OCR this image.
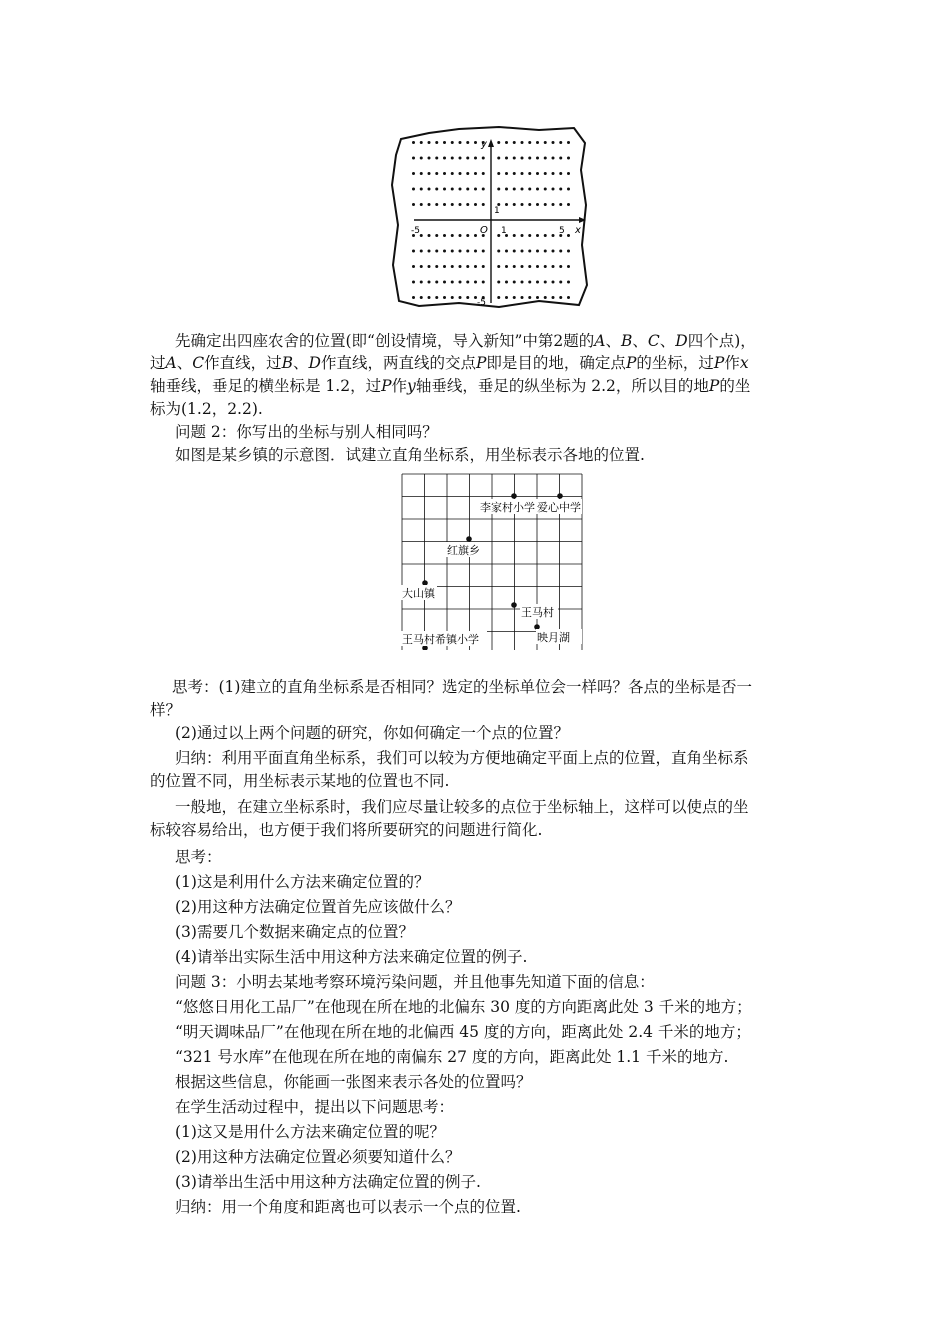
y
x
O
-5	1	5
1
-5
先确定出四座农舍的位置(即“创设情境，导入新知”中第2题的A、B、C、D四个点)，
过A、C作直线，过B、D作直线，两直线的交点P即是目的地，确定点P的坐标，过P作x
轴垂线，垂足的横坐标是 1.2，过P作y轴垂线，垂足的纵坐标为 2.2，所以目的地P的坐
标为(1.2，2.2).
问题 2：你写出的坐标与别人相同吗？
如图是某乡镇的示意图．试建立直角坐标系，用坐标表示各地的位置.
李家村小学 爱心中学
红旗乡
大山镇
王马村
王马村希镇小学	映月湖
思考：(1)建立的直角坐标系是否相同？选定的坐标单位会一样吗？各点的坐标是否一
样？
(2)通过以上两个问题的研究，你如何确定一个点的位置？
归纳：利用平面直角坐标系，我们可以较为方便地确定平面上点的位置，直角坐标系
的位置不同，用坐标表示某地的位置也不同.
一般地，在建立坐标系时，我们应尽量让较多的点位于坐标轴上，这样可以使点的坐
标较容易给出，也方便于我们将所要研究的问题进行简化.
思考：
(1)这是利用什么方法来确定位置的？
(2)用这种方法确定位置首先应该做什么？
(3)需要几个数据来确定点的位置？
(4)请举出实际生活中用这种方法来确定位置的例子.
问题 3：小明去某地考察环境污染问题，并且他事先知道下面的信息：
“悠悠日用化工品厂”在他现在所在地的北偏东 30 度的方向距离此处 3 千米的地方；
“明天调味品厂”在他现在所在地的北偏西 45 度的方向，距离此处 2.4 千米的地方；
“321 号水库”在他现在所在地的南偏东 27 度的方向，距离此处 1.1 千米的地方.
根据这些信息，你能画一张图来表示各处的位置吗？
在学生活动过程中，提出以下问题思考：
(1)这又是用什么方法来确定位置的呢？
(2)用这种方法确定位置必须要知道什么？
(3)请举出生活中用这种方法确定位置的例子.
归纳：用一个角度和距离也可以表示一个点的位置.
